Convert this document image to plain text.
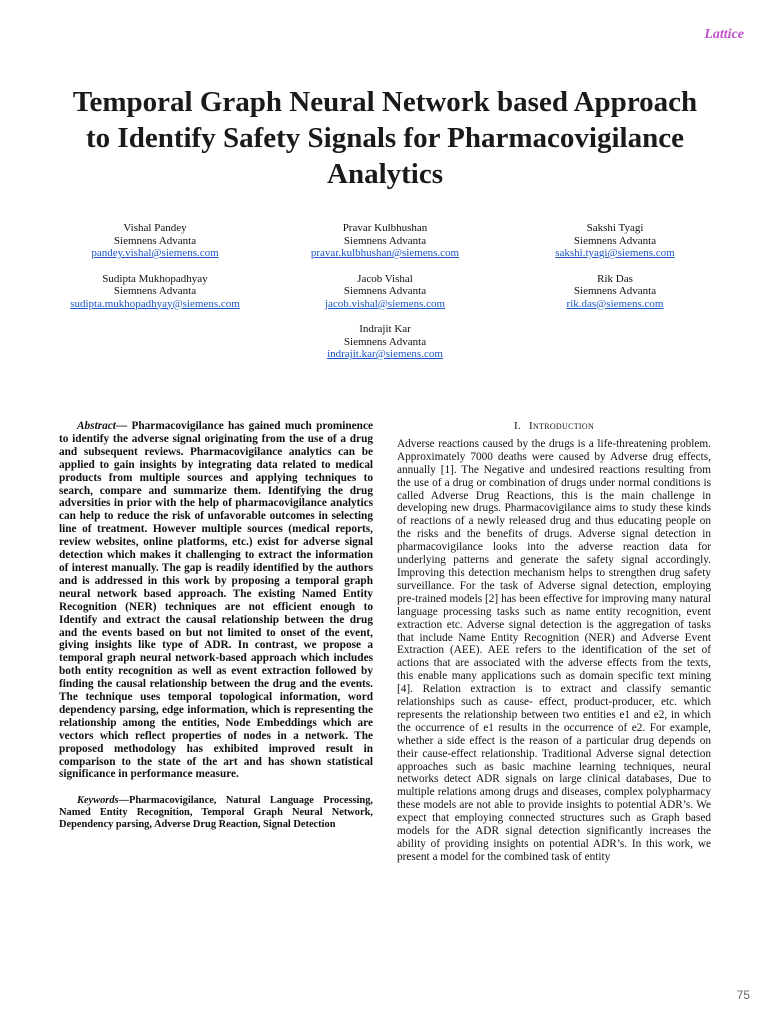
Lattice
Temporal Graph Neural Network based Approach to Identify Safety Signals for Pharmacovigilance Analytics
Vishal Pandey
Siemnens Advanta
pandey.vishal@siemens.com
Pravar Kulbhushan
Siemnens Advanta
pravar.kulbhushan@siemens.com
Sakshi Tyagi
Siemnens Advanta
sakshi.tyagi@siemens.com
Sudipta Mukhopadhyay
Siemnens Advanta
sudipta.mukhopadhyay@siemens.com
Jacob Vishal
Siemnens Advanta
jacob.vishal@siemens.com
Rik Das
Siemnens Advanta
rik.das@siemens.com
Indrajit Kar
Siemnens Advanta
indrajit.kar@siemens.com

Abstract— Pharmacovigilance has gained much prominence to identify the adverse signal originating from the use of a drug and subsequent reviews. Pharmacovigilance analytics can be applied to gain insights by integrating data related to medical products from multiple sources and applying techniques to search, compare and summarize them. Identifying the drug adversities in prior with the help of pharmacovigilance analytics can help to reduce the risk of unfavorable outcomes in selecting line of treatment. However multiple sources (medical reports, review websites, online platforms, etc.) exist for adverse signal detection which makes it challenging to extract the information of interest manually. The gap is readily identified by the authors and is addressed in this work by proposing a temporal graph neural network based approach. The existing Named Entity Recognition (NER) techniques are not efficient enough to Identify and extract the causal relationship between the drug and the events based on but not limited to onset of the event, giving insights like type of ADR. In contrast, we propose a temporal graph neural network-based approach which includes both entity recognition as well as event extraction followed by finding the causal relationship between the drug and the events. The technique uses temporal topological information, word dependency parsing, edge information, which is representing the relationship among the entities, Node Embeddings which are vectors which reflect properties of nodes in a network. The proposed methodology has exhibited improved result in comparison to the state of the art and has shown statistical significance in performance measure.

Keywords—Pharmacovigilance, Natural Language Processing, Named Entity Recognition, Temporal Graph Neural Network, Dependency parsing, Adverse Drug Reaction, Signal Detection

I. Introduction

Adverse reactions caused by the drugs is a life-threatening problem. Approximately 7000 deaths were caused by Adverse drug effects, annually [1]. The Negative and undesired reactions resulting from the use of a drug or combination of drugs under normal conditions is called Adverse Drug Reactions, this is the main challenge in developing new drugs. Pharmacovigilance aims to study these kinds of reactions of a newly released drug and thus educating people on the risks and the benefits of drugs. Adverse signal detection in pharmacovigilance looks into the adverse reaction data for underlying patterns and generate the safety signal accordingly. Improving this detection mechanism helps to strengthen drug safety surveillance. For the task of Adverse signal detection, employing pre-trained models [2] has been effective for improving many natural language processing tasks such as name entity recognition, event extraction etc. Adverse signal detection is the aggregation of tasks that include Name Entity Recognition (NER) and Adverse Event Extraction (AEE). AEE refers to the identification of the set of actions that are associated with the adverse effects from the texts, this enable many applications such as domain specific text mining [4]. Relation extraction is to extract and classify semantic relationships such as cause- effect, product-producer, etc. which represents the relationship between two entities e1 and e2, in which the occurrence of e1 results in the occurrence of e2. For example, whether a side effect is the reason of a particular drug depends on their cause-effect relationship. Traditional Adverse signal detection approaches such as basic machine learning techniques, neural networks detect ADR signals on large clinical databases, Due to multiple relations among drugs and diseases, complex polypharmacy these models are not able to provide insights to potential ADR’s. We expect that employing connected structures such as Graph based models for the ADR signal detection significantly increases the ability of providing insights on potential ADR’s. In this work, we present a model for the combined task of entity

75
